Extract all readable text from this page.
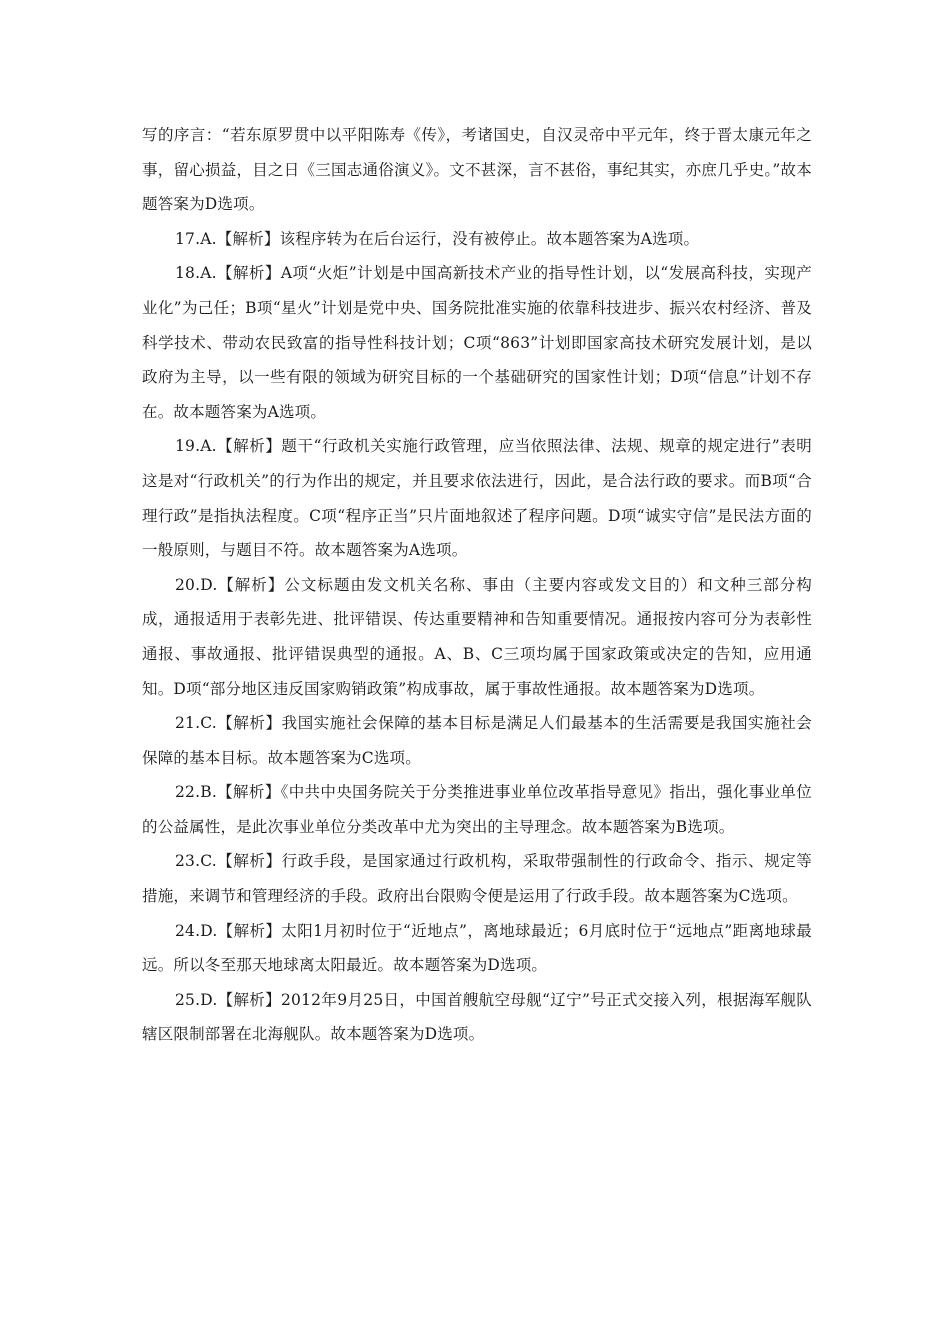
写的序言：“若东原罗贯中以平阳陈寿《传》，考诸国史，自汉灵帝中平元年，终于晋太康元年之事，留心损益，目之日《三国志通俗演义》。文不甚深，言不甚俗，事纪其实，亦庶几乎史。”故本题答案为D选项。

17.A.【解析】该程序转为在后台运行，没有被停止。故本题答案为A选项。

18.A.【解析】A项“火炬”计划是中国高新技术产业的指导性计划，以“发展高科技，实现产业化”为己任；B项“星火”计划是党中央、国务院批准实施的依靠科技进步、振兴农村经济、普及科学技术、带动农民致富的指导性科技计划；C项“863”计划即国家高技术研究发展计划，是以政府为主导，以一些有限的领域为研究目标的一个基础研究的国家性计划；D项“信息”计划不存在。故本题答案为A选项。

19.A.【解析】题干“行政机关实施行政管理，应当依照法律、法规、规章的规定进行”表明这是对“行政机关”的行为作出的规定，并且要求依法进行，因此，是合法行政的要求。而B项“合理行政”是指执法程度。C项“程序正当”只片面地叙述了程序问题。D项“诚实守信”是民法方面的一般原则，与题目不符。故本题答案为A选项。

20.D.【解析】公文标题由发文机关名称、事由（主要内容或发文目的）和文种三部分构成，通报适用于表彰先进、批评错误、传达重要精神和告知重要情况。通报按内容可分为表彰性通报、事故通报、批评错误典型的通报。A、B、C三项均属于国家政策或决定的告知，应用通知。D项“部分地区违反国家购销政策”构成事故，属于事故性通报。故本题答案为D选项。

21.C.【解析】我国实施社会保障的基本目标是满足人们最基本的生活需要是我国实施社会保障的基本目标。故本题答案为C选项。

22.B.【解析】《中共中央国务院关于分类推进事业单位改革指导意见》指出，强化事业单位的公益属性，是此次事业单位分类改革中尤为突出的主导理念。故本题答案为B选项。

23.C.【解析】行政手段，是国家通过行政机构，采取带强制性的行政命令、指示、规定等措施，来调节和管理经济的手段。政府出台限购令便是运用了行政手段。故本题答案为C选项。

24.D.【解析】太阳1月初时位于“近地点”，离地球最近；6月底时位于“远地点”距离地球最远。所以冬至那天地球离太阳最近。故本题答案为D选项。

25.D.【解析】2012年9月25日，中国首艘航空母舰“辽宁”号正式交接入列，根据海军舰队辖区限制部署在北海舰队。故本题答案为D选项。
